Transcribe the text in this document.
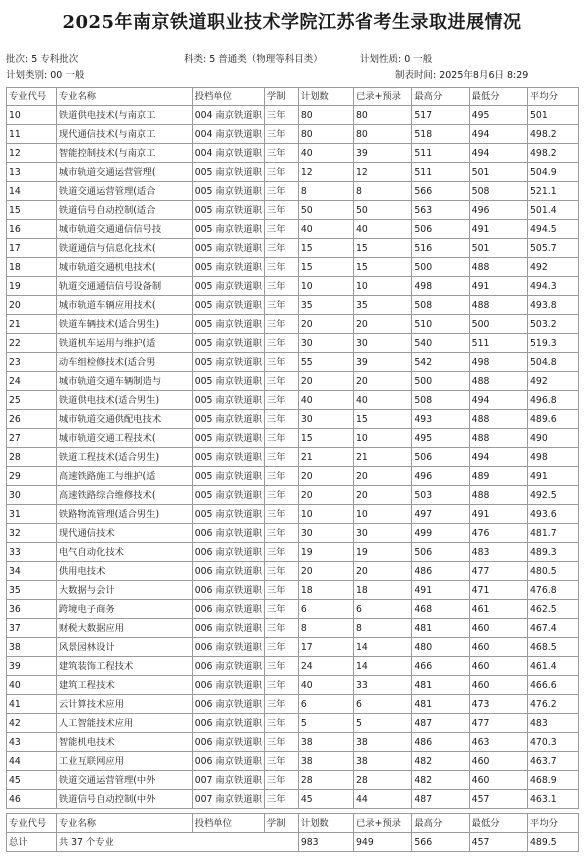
2025年南京铁道职业技术学院江苏省考生录取进展情况
批次: 5 专科批次	科类: 5 普通类（物理等科目类）	计划性质: 0 一般
计划类别: 00 一般	制表时间: 2025年8月6日 8:29
专业代号	专业名称	投档单位	学制	计划数	已录+预录	最高分	最低分	平均分
10	铁道供电技术(与南京工	004 南京铁道职	三年	80	80	517	495	501
11	现代通信技术(与南京工	004 南京铁道职	三年	80	80	518	494	498.2
12	智能控制技术(与南京工	004 南京铁道职	三年	40	39	511	494	498.2
13	城市轨道交通运营管理(	005 南京铁道职	三年	12	12	511	501	504.9
14	铁道交通运营管理(适合	005 南京铁道职	三年	8	8	566	508	521.1
15	铁道信号自动控制(适合	005 南京铁道职	三年	50	50	563	496	501.4
16	城市轨道交通通信信号技	005 南京铁道职	三年	40	40	506	491	494.5
17	铁道通信与信息化技术(	005 南京铁道职	三年	15	15	516	501	505.7
18	城市轨道交通机电技术(	005 南京铁道职	三年	15	15	500	488	492
19	轨道交通通信信号设备制	005 南京铁道职	三年	10	10	498	491	494.3
20	城市轨道车辆应用技术(	005 南京铁道职	三年	35	35	508	488	493.8
21	铁道车辆技术(适合男生)	005 南京铁道职	三年	20	20	510	500	503.2
22	铁道机车运用与维护(适	005 南京铁道职	三年	30	30	540	511	519.3
23	动车组检修技术(适合男	005 南京铁道职	三年	55	39	542	498	504.8
24	城市轨道交通车辆制造与	005 南京铁道职	三年	20	20	500	488	492
25	铁道供电技术(适合男生)	005 南京铁道职	三年	40	40	508	494	496.8
26	城市轨道交通供配电技术	005 南京铁道职	三年	30	15	493	488	489.6
27	城市轨道交通工程技术(	005 南京铁道职	三年	15	10	495	488	490
28	铁道工程技术(适合男生)	005 南京铁道职	三年	21	21	506	494	498
29	高速铁路施工与维护(适	005 南京铁道职	三年	20	20	496	489	491
30	高速铁路综合维修技术(	005 南京铁道职	三年	20	20	503	488	492.5
31	铁路物流管理(适合男生)	005 南京铁道职	三年	10	10	497	491	493.6
32	现代通信技术	006 南京铁道职	三年	30	30	499	476	481.7
33	电气自动化技术	006 南京铁道职	三年	19	19	506	483	489.3
34	供用电技术	006 南京铁道职	三年	20	20	486	477	480.5
35	大数据与会计	006 南京铁道职	三年	18	18	491	471	476.8
36	跨境电子商务	006 南京铁道职	三年	6	6	468	461	462.5
37	财税大数据应用	006 南京铁道职	三年	8	8	481	460	467.4
38	风景园林设计	006 南京铁道职	三年	17	14	480	460	468.5
39	建筑装饰工程技术	006 南京铁道职	三年	24	14	466	460	461.4
40	建筑工程技术	006 南京铁道职	三年	40	33	481	460	466.6
41	云计算技术应用	006 南京铁道职	三年	6	6	481	473	476.2
42	人工智能技术应用	006 南京铁道职	三年	5	5	487	477	483
43	智能机电技术	006 南京铁道职	三年	38	38	486	463	470.3
44	工业互联网应用	006 南京铁道职	三年	38	38	482	460	463.7
45	铁道交通运营管理(中外	007 南京铁道职	三年	28	28	482	460	468.9
46	铁道信号自动控制(中外	007 南京铁道职	三年	45	44	487	457	463.1

专业代号	专业名称	投档单位	学制	计划数	已录+预录	最高分	最低分	平均分
总计	共 37 个专业			983	949	566	457	489.5
